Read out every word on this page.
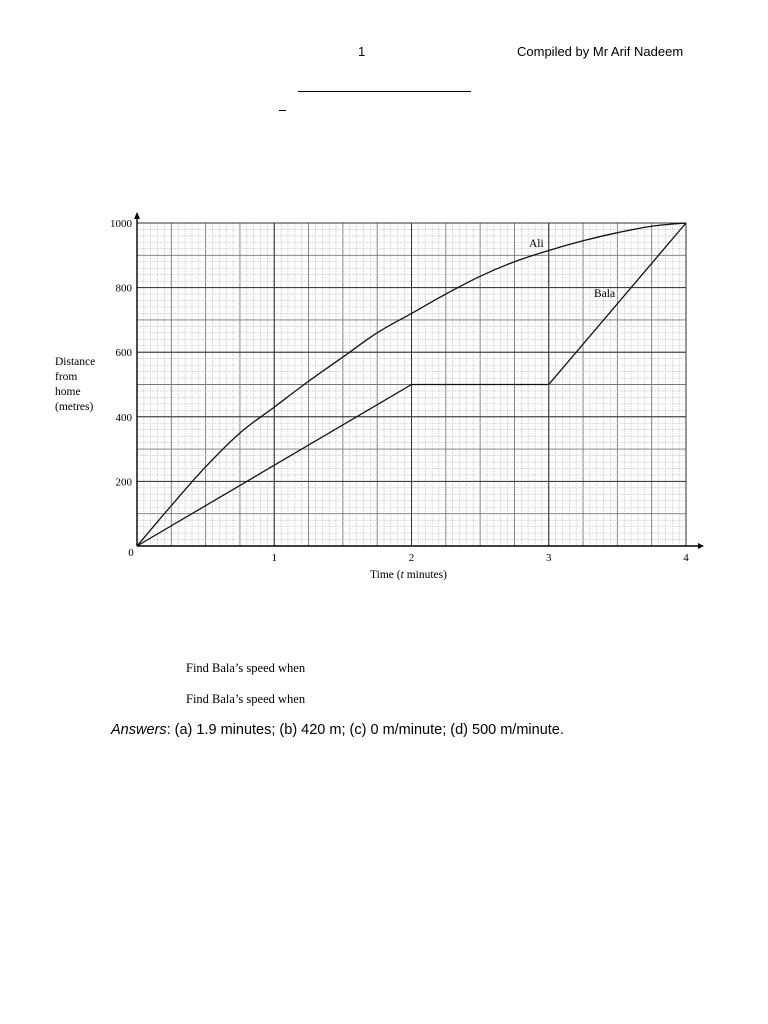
1	Compiled by Mr Arif Nadeem
0	1	2	3	4
200
400
600
800
1000
Ali
Bala
Time (t minutes)
Distance
from
home
(metres)
Find Bala’s speed when
Find Bala’s speed when
Answers: (a) 1.9 minutes; (b) 420 m; (c) 0 m/minute; (d) 500 m/minute.
